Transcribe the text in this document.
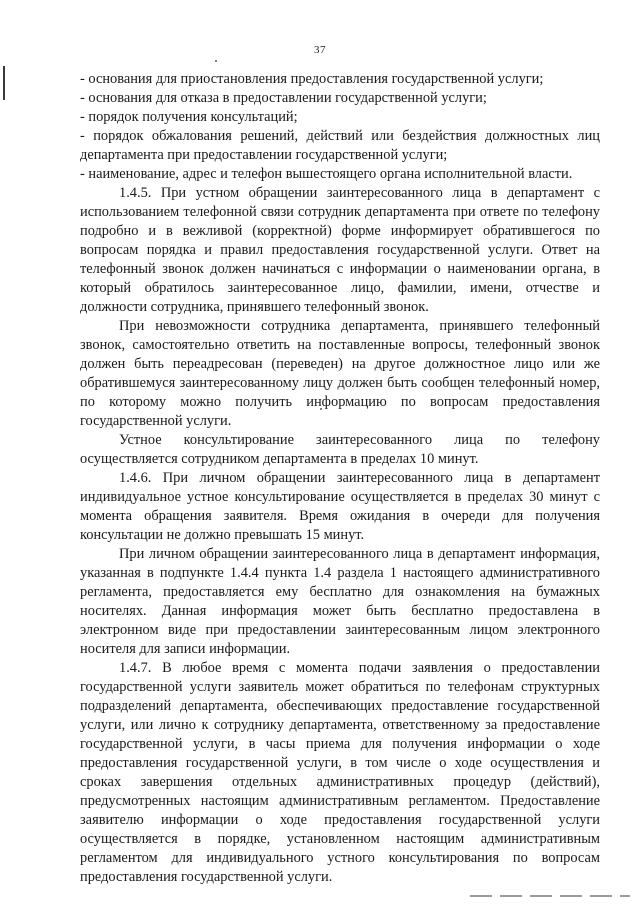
37

- основания для приостановления предоставления государственной услуги;

- основания для отказа в предоставлении государственной услуги;

- порядок получения консультаций;

- порядок обжалования решений, действий или бездействия должностных лиц департамента при предоставлении государственной услуги;

- наименование, адрес и телефон вышестоящего органа исполнительной власти.

1.4.5. При устном обращении заинтересованного лица в департамент с использованием телефонной связи сотрудник департамента при ответе по телефону подробно и в вежливой (корректной) форме информирует обратившегося по вопросам порядка и правил предоставления государственной услуги. Ответ на телефонный звонок должен начинаться с информации о наименовании органа, в который обратилось заинтересованное лицо, фамилии, имени, отчестве и должности сотрудника, принявшего телефонный звонок.

При невозможности сотрудника департамента, принявшего телефонный звонок, самостоятельно ответить на поставленные вопросы, телефонный звонок должен быть переадресован (переведен) на другое должностное лицо или же обратившемуся заинтересованному лицу должен быть сообщен телефонный номер, по которому можно получить информацию по вопросам предоставления государственной услуги.

Устное консультирование заинтересованного лица по телефону осуществляется сотрудником департамента в пределах 10 минут.

1.4.6. При личном обращении заинтересованного лица в департамент индивидуальное устное консультирование осуществляется в пределах 30 минут с момента обращения заявителя. Время ожидания в очереди для получения консультации не должно превышать 15 минут.

При личном обращении заинтересованного лица в департамент информация, указанная в подпункте 1.4.4 пункта 1.4 раздела 1 настоящего административного регламента, предоставляется ему бесплатно для ознакомления на бумажных носителях. Данная информация может быть бесплатно предоставлена в электронном виде при предоставлении заинтересованным лицом электронного носителя для записи информации.

1.4.7. В любое время с момента подачи заявления о предоставлении государственной услуги заявитель может обратиться по телефонам структурных подразделений департамента, обеспечивающих предоставление государственной услуги, или лично к сотруднику департамента, ответственному за предоставление государственной услуги, в часы приема для получения информации о ходе предоставления государственной услуги, в том числе о ходе осуществления и сроках завершения отдельных административных процедур (действий), предусмотренных настоящим административным регламентом. Предоставление заявителю информации о ходе предоставления государственной услуги осуществляется в порядке, установленном настоящим административным регламентом для индивидуального устного консультирования по вопросам предоставления государственной услуги.
